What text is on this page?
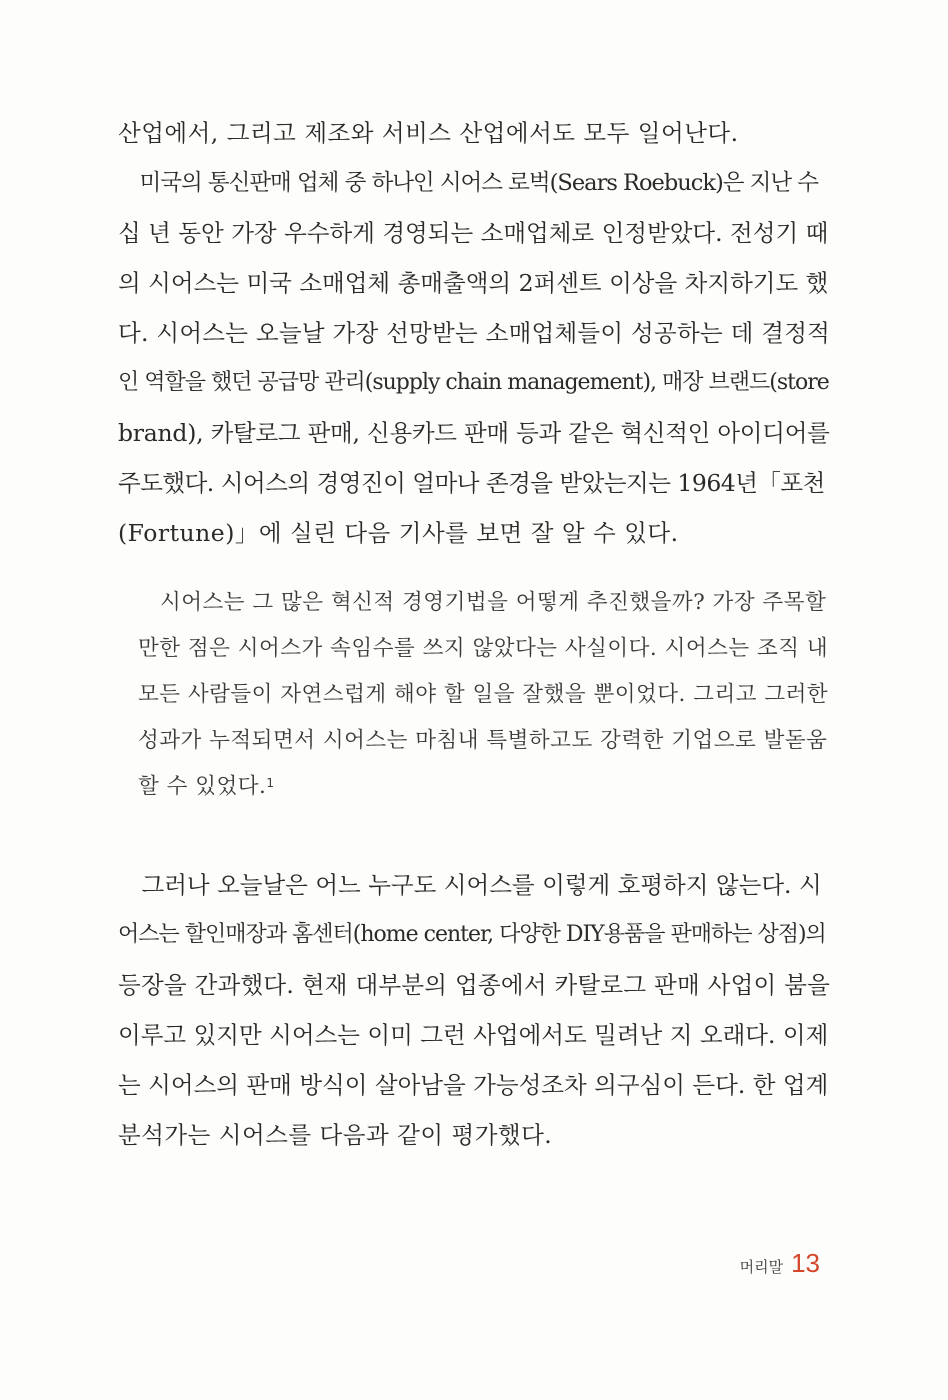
산업에서, 그리고 제조와 서비스 산업에서도 모두 일어난다.
　미국의 통신판매 업체 중 하나인 시어스 로벅(Sears Roebuck)은 지난 수
십 년 동안 가장 우수하게 경영되는 소매업체로 인정받았다. 전성기 때
의 시어스는 미국 소매업체 총매출액의 2퍼센트 이상을 차지하기도 했
다. 시어스는 오늘날 가장 선망받는 소매업체들이 성공하는 데 결정적
인 역할을 했던 공급망 관리(supply chain management), 매장 브랜드(store
brand), 카탈로그 판매, 신용카드 판매 등과 같은 혁신적인 아이디어를
주도했다. 시어스의 경영진이 얼마나 존경을 받았는지는 1964년「포천
(Fortune)」에 실린 다음 기사를 보면 잘 알 수 있다.
　시어스는 그 많은 혁신적 경영기법을 어떻게 추진했을까? 가장 주목할
만한 점은 시어스가 속임수를 쓰지 않았다는 사실이다. 시어스는 조직 내
모든 사람들이 자연스럽게 해야 할 일을 잘했을 뿐이었다. 그리고 그러한
성과가 누적되면서 시어스는 마침내 특별하고도 강력한 기업으로 발돋움
할 수 있었다.$^1$
　그러나 오늘날은 어느 누구도 시어스를 이렇게 호평하지 않는다. 시
어스는 할인매장과 홈센터(home center, 다양한 DIY용품을 판매하는 상점)의
등장을 간과했다. 현재 대부분의 업종에서 카탈로그 판매 사업이 붐을
이루고 있지만 시어스는 이미 그런 사업에서도 밀려난 지 오래다. 이제
는 시어스의 판매 방식이 살아남을 가능성조차 의구심이 든다. 한 업계
분석가는 시어스를 다음과 같이 평가했다.
머리말 13
